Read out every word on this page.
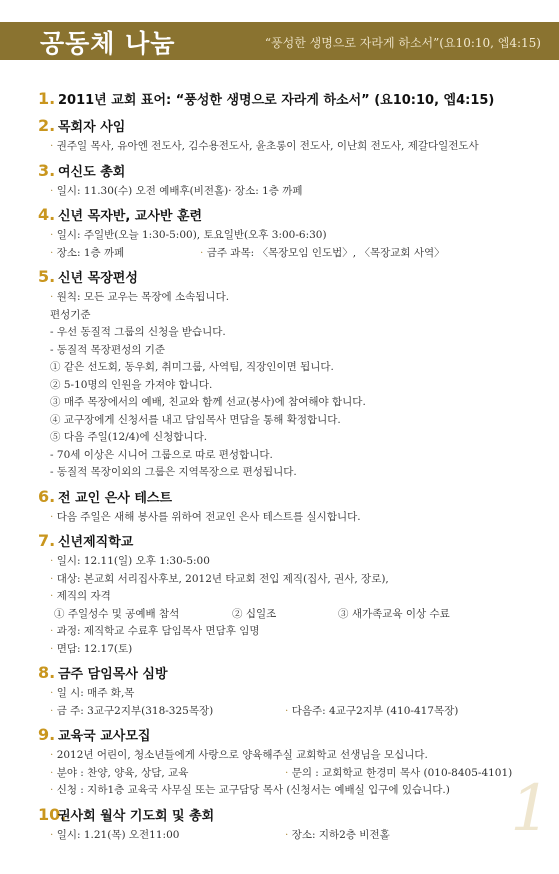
공동체 나눔	“풍성한 생명으로 자라게 하소서”(요10:10, 엡4:15)
1. 2011년 교회 표어: “풍성한 생명으로 자라게 하소서” (요10:10, 엡4:15)
2. 목회자 사임
· 권주일 목사, 유아엔 전도사, 김수용전도사, 윤초롱이 전도사, 이난희 전도사, 제갈다일전도사
3. 여신도 총회
· 일시: 11.30(수) 오전 예배후(비전홀)· 장소: 1층 까페
4. 신년 목자반, 교사반 훈련
· 일시: 주일반(오늘 1:30-5:00), 토요일반(오후 3:00-6:30)
· 장소: 1층 까페	· 금주 과목: 〈목장모임 인도법〉, 〈목장교회 사역〉
5. 신년 목장편성
· 원칙: 모든 교우는 목장에 소속됩니다.
편성기준
- 우선 동질적 그룹의 신청을 받습니다.
- 동질적 목장편성의 기준
① 같은 선도회, 동우회, 취미그룹, 사역팀, 직장인이면 됩니다.
② 5-10명의 인원을 가져야 합니다.
③ 매주 목장에서의 예배, 친교와 함께 선교(봉사)에 참여해야 합니다.
④ 교구장에게 신청서를 내고 담임목사 면담을 통해 확정합니다.
⑤ 다음 주일(12/4)에 신청합니다.
- 70세 이상은 시니어 그룹으로 따로 편성합니다.
- 동질적 목장이외의 그룹은 지역목장으로 편성됩니다.
6. 전 교인 은사 테스트
· 다음 주일은 새해 봉사를 위하여 전교인 은사 테스트를 실시합니다.
7. 신년제직학교
· 일시: 12.11(일) 오후 1:30-5:00
· 대상: 본교회 서리집사후보, 2012년 타교회 전입 제직(집사, 권사, 장로),
· 제직의 자격
① 주일성수 및 공예배 참석	② 십일조	③ 새가족교육 이상 수료
· 과정: 제직학교 수료후 담임목사 면담후 임명
· 면담: 12.17(토)
8. 금주 담임목사 심방
· 일 시: 매주 화,목
· 금 주: 3교구2지부(318-325목장)	· 다음주: 4교구2지부 (410-417목장)
9. 교육국 교사모집
· 2012년 어린이, 청소년들에게 사랑으로 양육해주실 교회학교 선생님을 모십니다.
· 분야 : 찬양, 양육, 상담, 교육	· 문의 : 교회학교 한경미 목사 (010-8405-4101)
· 신청 : 지하1층 교육국 사무실 또는 교구담당 목사 (신청서는 예배실 입구에 있습니다.)
10.
권사회 월삭 기도회 및 총회
· 일시: 1.21(목) 오전11:00	· 장소: 지하2층 비전홀	1
